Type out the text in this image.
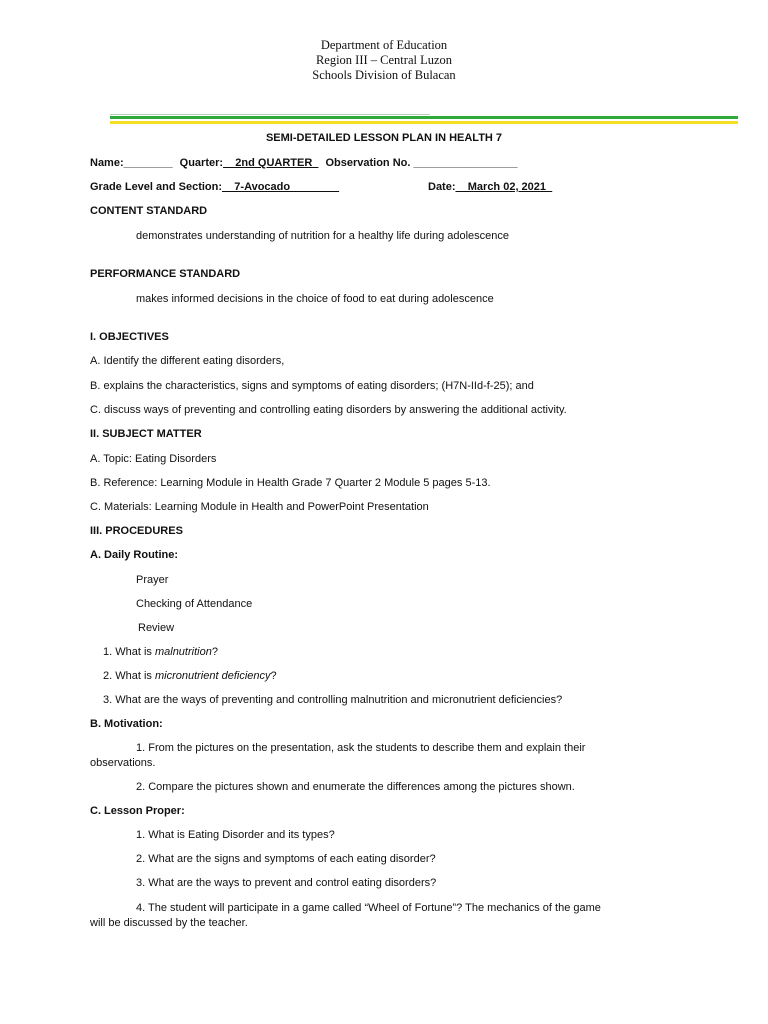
Department of Education
Region III – Central Luzon
Schools Division of Bulacan
SEMI-DETAILED LESSON PLAN IN HEALTH 7
Name:________ Quarter:__2nd QUARTER_ Observation No. _________________
Grade Level and Section:__7-Avocado________	Date:__March 02, 2021_
CONTENT STANDARD
demonstrates understanding of nutrition for a healthy life during adolescence
PERFORMANCE STANDARD
makes informed decisions in the choice of food to eat during adolescence
I. OBJECTIVES
A. Identify the different eating disorders,
B. explains the characteristics, signs and symptoms of eating disorders; (H7N-IId-f-25); and
C. discuss ways of preventing and controlling eating disorders by answering the additional activity.
II. SUBJECT MATTER
A. Topic: Eating Disorders
B. Reference: Learning Module in Health Grade 7 Quarter 2 Module 5 pages 5-13.
C. Materials: Learning Module in Health and PowerPoint Presentation
III. PROCEDURES
A. Daily Routine:
Prayer
Checking of Attendance
Review
1. What is malnutrition?
2. What is micronutrient deficiency?
3. What are the ways of preventing and controlling malnutrition and micronutrient deficiencies?
B. Motivation:
1. From the pictures on the presentation, ask the students to describe them and explain their
observations.
2. Compare the pictures shown and enumerate the differences among the pictures shown.
C. Lesson Proper:
1. What is Eating Disorder and its types?
2. What are the signs and symptoms of each eating disorder?
3. What are the ways to prevent and control eating disorders?
4. The student will participate in a game called “Wheel of Fortune”? The mechanics of the game
will be discussed by the teacher.
